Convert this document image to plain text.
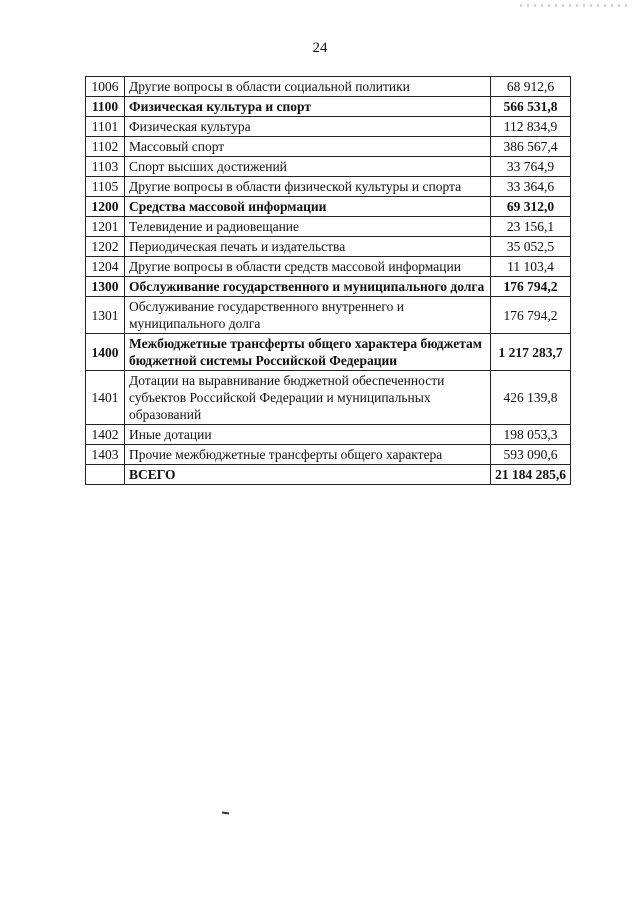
24
1006	Другие вопросы в области социальной политики	68 912,6
1100	Физическая культура и спорт	566 531,8
1101	Физическая культура	112 834,9
1102	Массовый спорт	386 567,4
1103	Спорт высших достижений	33 764,9
1105	Другие вопросы в области физической культуры и спорта	33 364,6
1200	Средства массовой информации	69 312,0
1201	Телевидение и радиовещание	23 156,1
1202	Периодическая печать и издательства	35 052,5
1204	Другие вопросы в области средств массовой информации	11 103,4
1300	Обслуживание государственного и муниципального долга	176 794,2
1301	Обслуживание государственного внутреннего и муниципального долга	176 794,2
1400	Межбюджетные трансферты общего характера бюджетам бюджетной системы Российской Федерации	1 217 283,7
1401	Дотации на выравнивание бюджетной обеспеченности субъектов Российской Федерации и муниципальных образований	426 139,8
1402	Иные дотации	198 053,3
1403	Прочие межбюджетные трансферты общего характера	593 090,6
	ВСЕГО	21 184 285,6
